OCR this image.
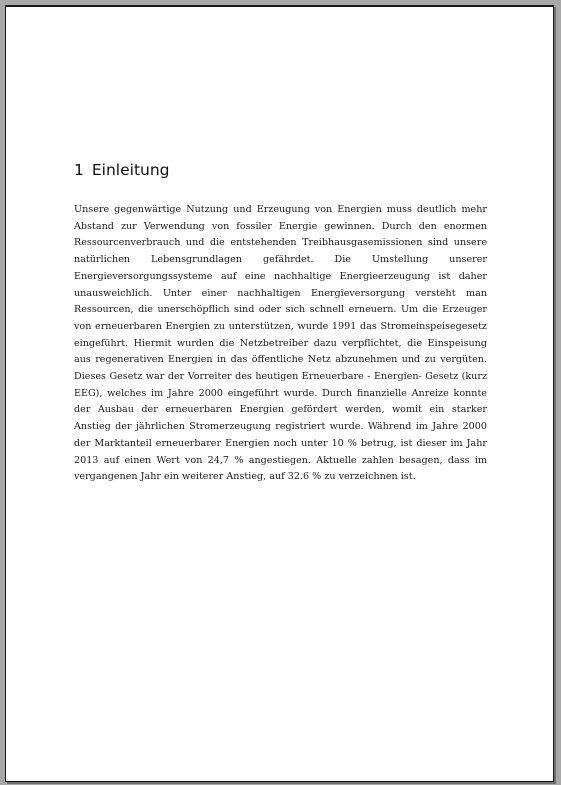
1 Einleitung

Unsere gegenwärtige Nutzung und Erzeugung von Energien muss deutlich mehr Abstand zur Verwendung von fossiler Energie gewinnen. Durch den enormen Ressourcenverbrauch und die entstehenden Treibhausgasemissionen sind unsere natürlichen Lebensgrundlagen gefährdet. Die Umstellung unserer Energieversorgungssysteme auf eine nachhaltige Energieerzeugung ist daher unausweichlich. Unter einer nachhaltigen Energieversorgung versteht man Ressourcen, die unerschöpflich sind oder sich schnell erneuern. Um die Erzeuger von erneuerbaren Energien zu unterstützen, wurde 1991 das Stromeinspeisegesetz eingeführt. Hiermit wurden die Netzbetreiber dazu verpflichtet, die Einspeisung aus regenerativen Energien in das öffentliche Netz abzunehmen und zu vergüten. Dieses Gesetz war der Vorreiter des heutigen Erneuerbare - Energien- Gesetz (kurz EEG), welches im Jahre 2000 eingeführt wurde. Durch finanzielle Anreize konnte der Ausbau der erneuerbaren Energien gefördert werden, womit ein starker Anstieg der jährlichen Stromerzeugung registriert wurde. Während im Jahre 2000 der Marktanteil erneuerbarer Energien noch unter 10 % betrug, ist dieser im Jahr 2013 auf einen Wert von 24,7 % angestiegen. Aktuelle zahlen besagen, dass im vergangenen Jahr ein weiterer Anstieg, auf 32.6 % zu verzeichnen ist.
